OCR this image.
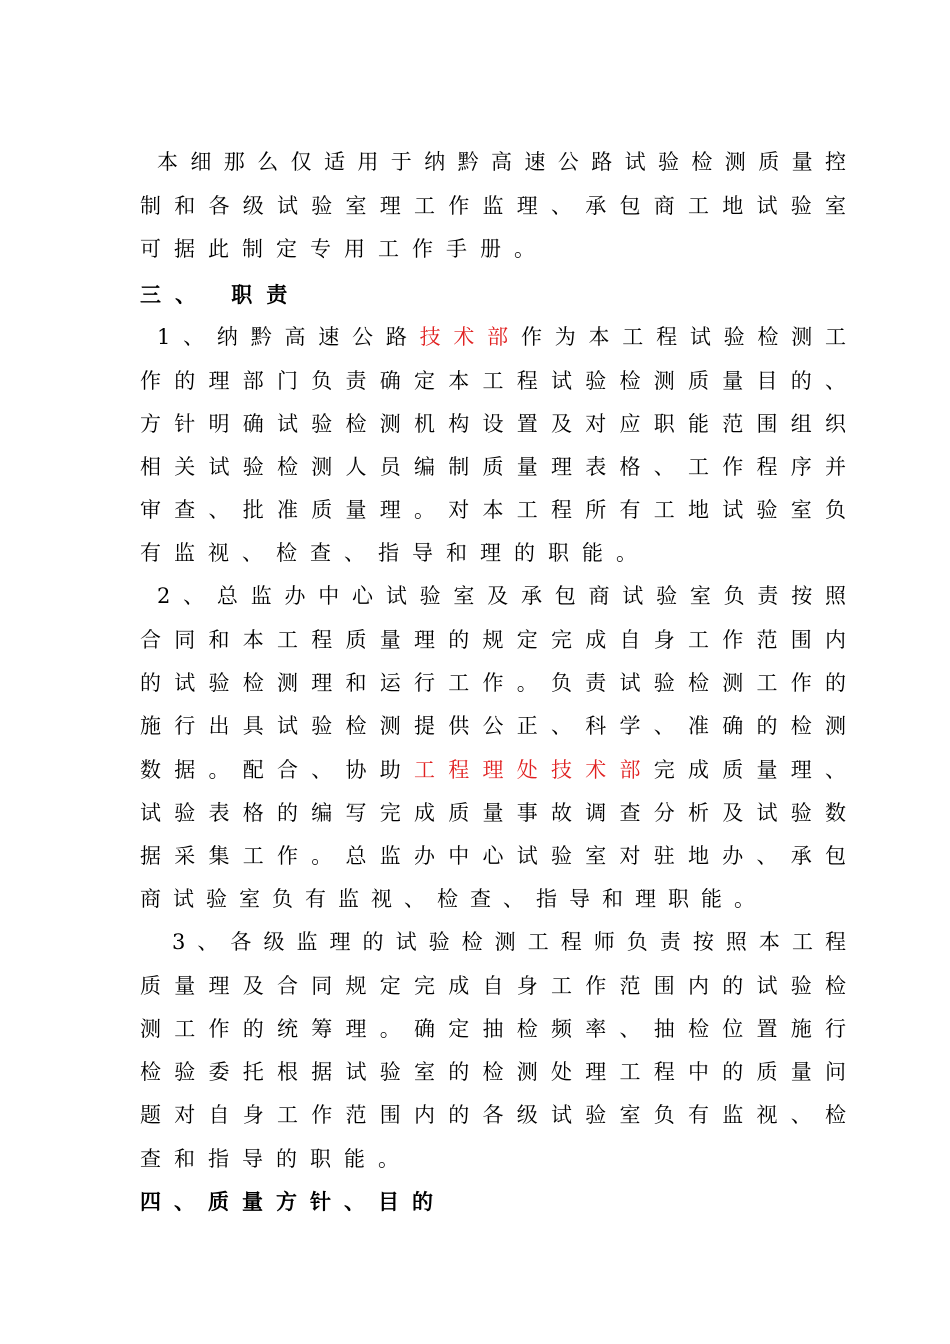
本细那么仅适用于纳黔高速公路试验检测质量控
制和各级试验室理工作监理、承包商工地试验室
可据此制定专用工作手册。
三、 职责
1、纳黔高速公路技术部作为本工程试验检测工
作的理部门负责确定本工程试验检测质量目的、
方针明确试验检测机构设置及对应职能范围组织
相关试验检测人员编制质量理表格、工作程序并
审查、批准质量理。对本工程所有工地试验室负
有监视、检查、指导和理的职能。
2、总监办中心试验室及承包商试验室负责按照
合同和本工程质量理的规定完成自身工作范围内
的试验检测理和运行工作。负责试验检测工作的
施行出具试验检测提供公正、科学、准确的检测
数据。配合、协助工程理处技术部完成质量理、
试验表格的编写完成质量事故调查分析及试验数
据采集工作。总监办中心试验室对驻地办、承包
商试验室负有监视、检查、指导和理职能。
3、各级监理的试验检测工程师负责按照本工程
质量理及合同规定完成自身工作范围内的试验检
测工作的统筹理。确定抽检频率、抽检位置施行
检验委托根据试验室的检测处理工程中的质量问
题对自身工作范围内的各级试验室负有监视、检
查和指导的职能。
四、质量方针、目的
